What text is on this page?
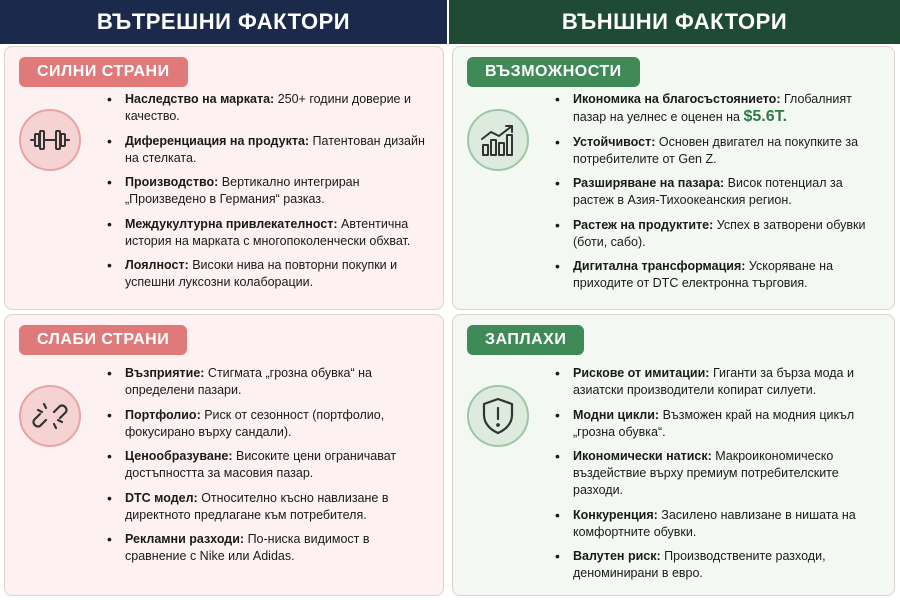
ВЪТРЕШНИ ФАКТОРИ	ВЪНШНИ ФАКТОРИ
СИЛНИ СТРАНИ
• Наследство на марката: 250+ години доверие и качество.
• Диференциация на продукта: Патентован дизайн на стелката.
• Производство: Вертикално интегриран „Произведено в Германия“ разказ.
• Междукултурна привлекателност: Автентична история на марката с многопоколенчески обхват.
• Лоялност: Високи нива на повторни покупки и успешни луксозни колаборации.
ВЪЗМОЖНОСТИ
• Икономика на благосъстоянието: Глобалният пазар на уелнес е оценен на $5.6T.
• Устойчивост: Основен двигател на покупките за потребителите от Gen Z.
• Разширяване на пазара: Висок потенциал за растеж в Азия-Тихоокеанския регион.
• Растеж на продуктите: Успех в затворени обувки (боти, сабо).
• Дигитална трансформация: Ускоряване на приходите от DTC електронна търговия.
СЛАБИ СТРАНИ
• Възприятие: Стигмата „грозна обувка“ на определени пазари.
• Портфолио: Риск от сезонност (портфолио, фокусирано върху сандали).
• Ценообразуване: Високите цени ограничават достъпността за масовия пазар.
• DTC модел: Относително късно навлизане в директното предлагане към потребителя.
• Рекламни разходи: По-ниска видимост в сравнение с Nike или Adidas.
ЗАПЛАХИ
• Рискове от имитации: Гиганти за бърза мода и азиатски производители копират силуети.
• Модни цикли: Възможен край на модния цикъл „грозна обувка“.
• Икономически натиск: Макроикономическо въздействие върху премиум потребителските разходи.
• Конкуренция: Засилено навлизане в нишата на комфортните обувки.
• Валутен риск: Производствените разходи, деноминирани в евро.
